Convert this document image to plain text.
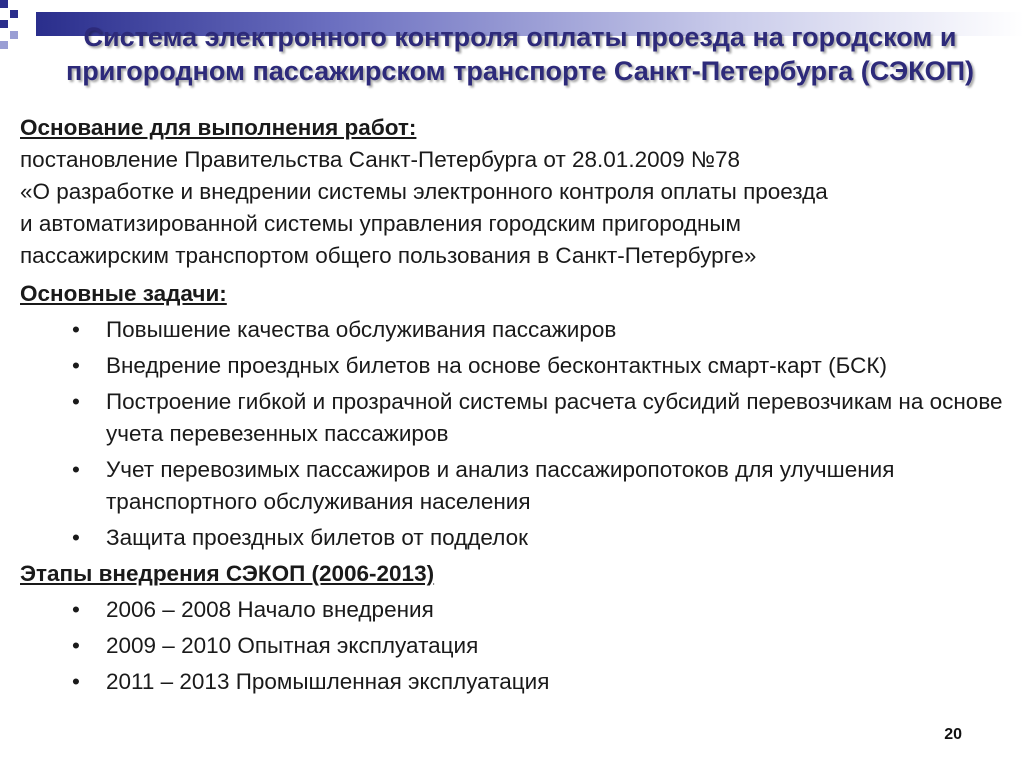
Система электронного контроля оплаты проезда на городском и пригородном пассажирском транспорте Санкт-Петербурга (СЭКОП)

Основание для выполнения работ:

постановление Правительства Санкт-Петербурга от 28.01.2009 №78

«О разработке и внедрении системы электронного контроля оплаты проезда

и автоматизированной системы управления городским пригородным

пассажирским транспортом общего пользования в Санкт-Петербурге»

Основные задачи:

• Повышение качества обслуживания пассажиров
• Внедрение проездных билетов на основе бесконтактных смарт-карт (БСК)
• Построение гибкой и прозрачной системы расчета субсидий перевозчикам на основе учета перевезенных пассажиров
• Учет перевозимых пассажиров и анализ пассажиропотоков для улучшения транспортного обслуживания населения
• Защита проездных билетов от подделок

Этапы внедрения СЭКОП (2006-2013)

• 2006 – 2008 Начало внедрения
• 2009 – 2010 Опытная эксплуатация
• 2011 – 2013 Промышленная эксплуатация
20
